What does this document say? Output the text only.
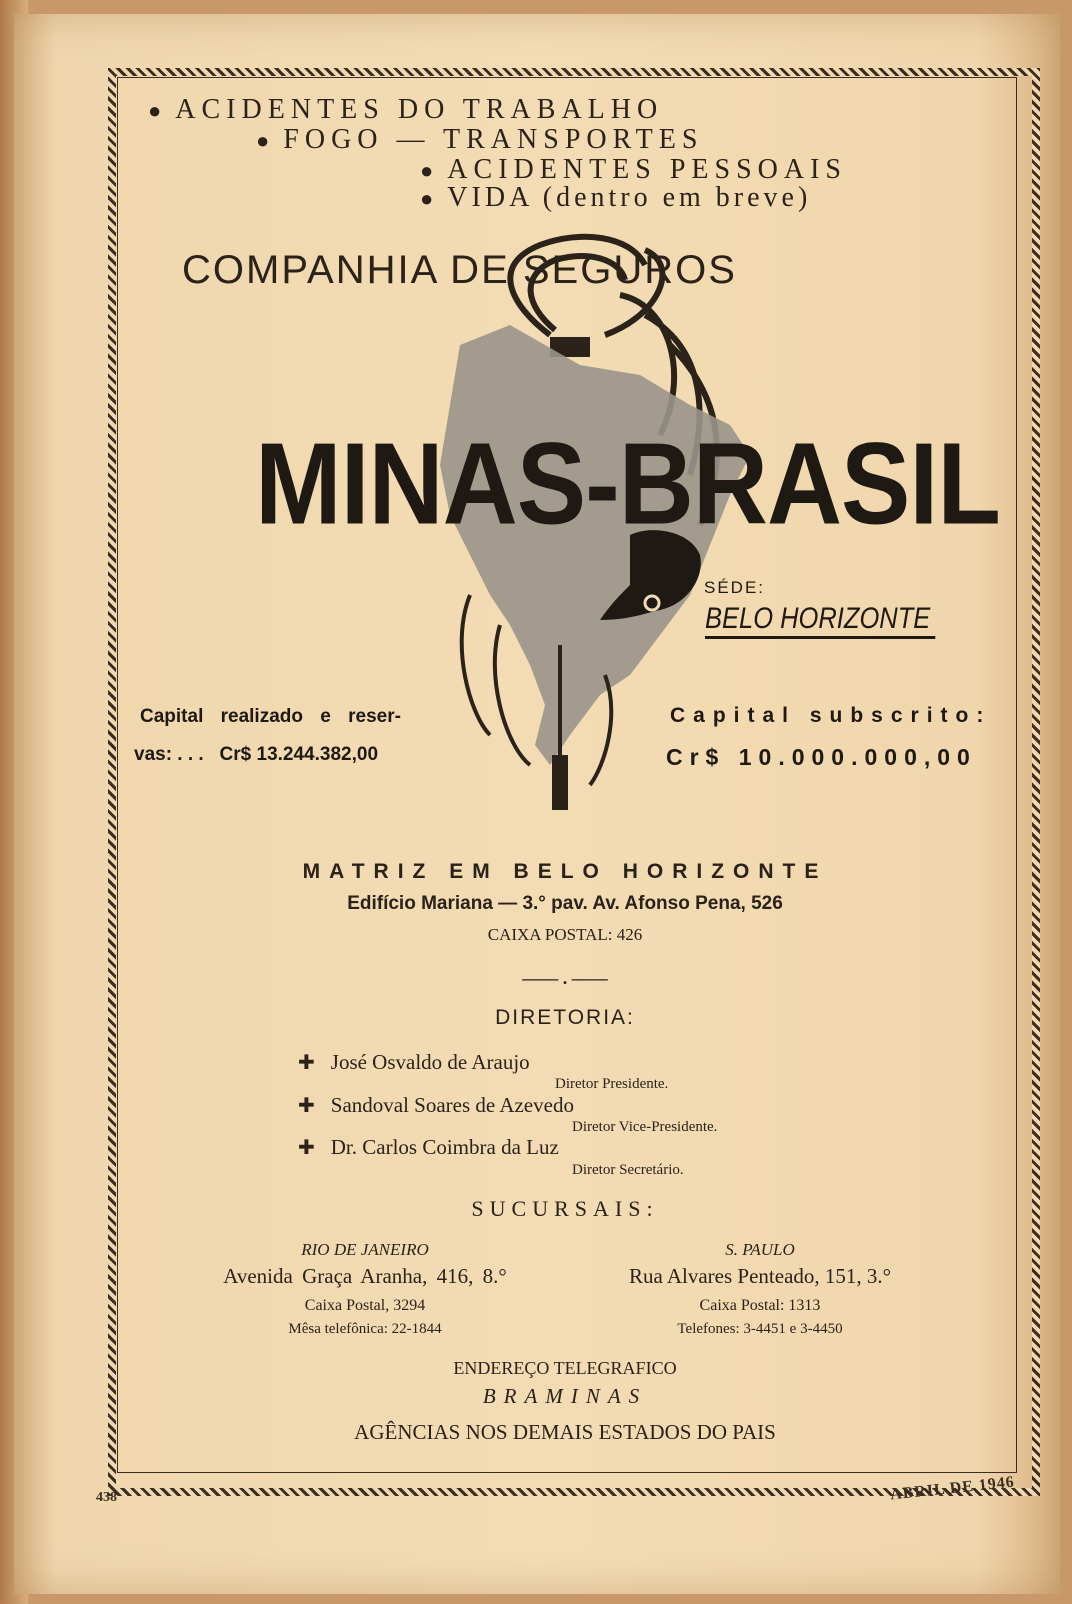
● ACIDENTES DO TRABALHO
● FOGO — TRANSPORTES
● ACIDENTES PESSOAIS
● VIDA (dentro em breve)
COMPANHIA DE SEGUROS
MINAS-BRASIL
SÉDE:
BELO HORIZONTE
Capital realizado e reser-
vas: . . . Cr$ 13.244.382,00
Capital subscrito:
Cr$ 10.000.000,00
MATRIZ EM BELO HORIZONTE
Edifício Mariana — 3.° pav. Av. Afonso Pena, 526
CAIXA POSTAL: 426
—— . ——
DIRETORIA:
✚ José Osvaldo de Araujo
Diretor Presidente.
✚ Sandoval Soares de Azevedo
Diretor Vice-Presidente.
✚ Dr. Carlos Coimbra da Luz
Diretor Secretário.
SUCURSAIS:
RIO DE JANEIRO
Avenida Graça Aranha, 416, 8.°
Caixa Postal, 3294
Mêsa telefônica: 22-1844
S. PAULO
Rua Alvares Penteado, 151, 3.°
Caixa Postal: 1313
Telefones: 3-4451 e 3-4450
ENDEREÇO TELEGRAFICO
BRAMINAS
AGÊNCIAS NOS DEMAIS ESTADOS DO PAIS
438	ABRIL DE 1946
